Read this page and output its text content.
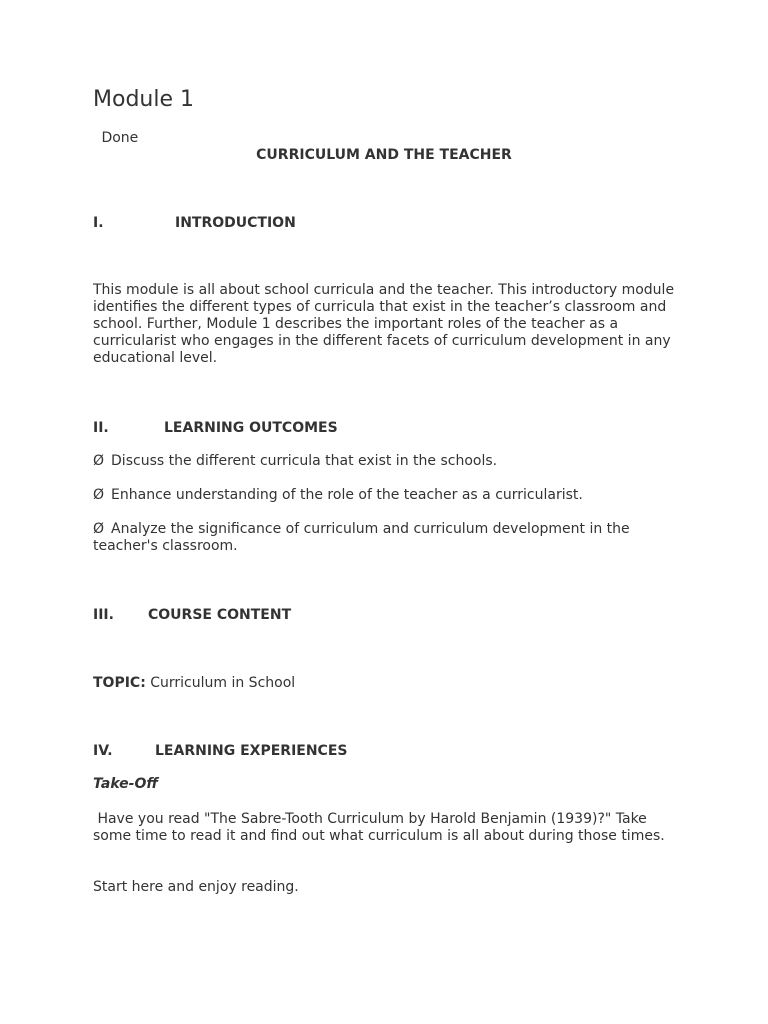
Module 1
Done
CURRICULUM AND THE TEACHER
I.	INTRODUCTION

This module is all about school curricula and the teacher. This introductory module identifies the different types of curricula that exist in the teacher’s classroom and school. Further, Module 1 describes the important roles of the teacher as a curricularist who engages in the different facets of curriculum development in any educational level.

II.	LEARNING OUTCOMES

Ø Discuss the different curricula that exist in the schools.

Ø Enhance understanding of the role of the teacher as a curricularist.

Ø Analyze the significance of curriculum and curriculum development in the teacher's classroom.

III. COURSE CONTENT

TOPIC: Curriculum in School

IV.	LEARNING EXPERIENCES

Take-Off

Have you read "The Sabre-Tooth Curriculum by Harold Benjamin (1939)?" Take some time to read it and find out what curriculum is all about during those times.

Start here and enjoy reading.
